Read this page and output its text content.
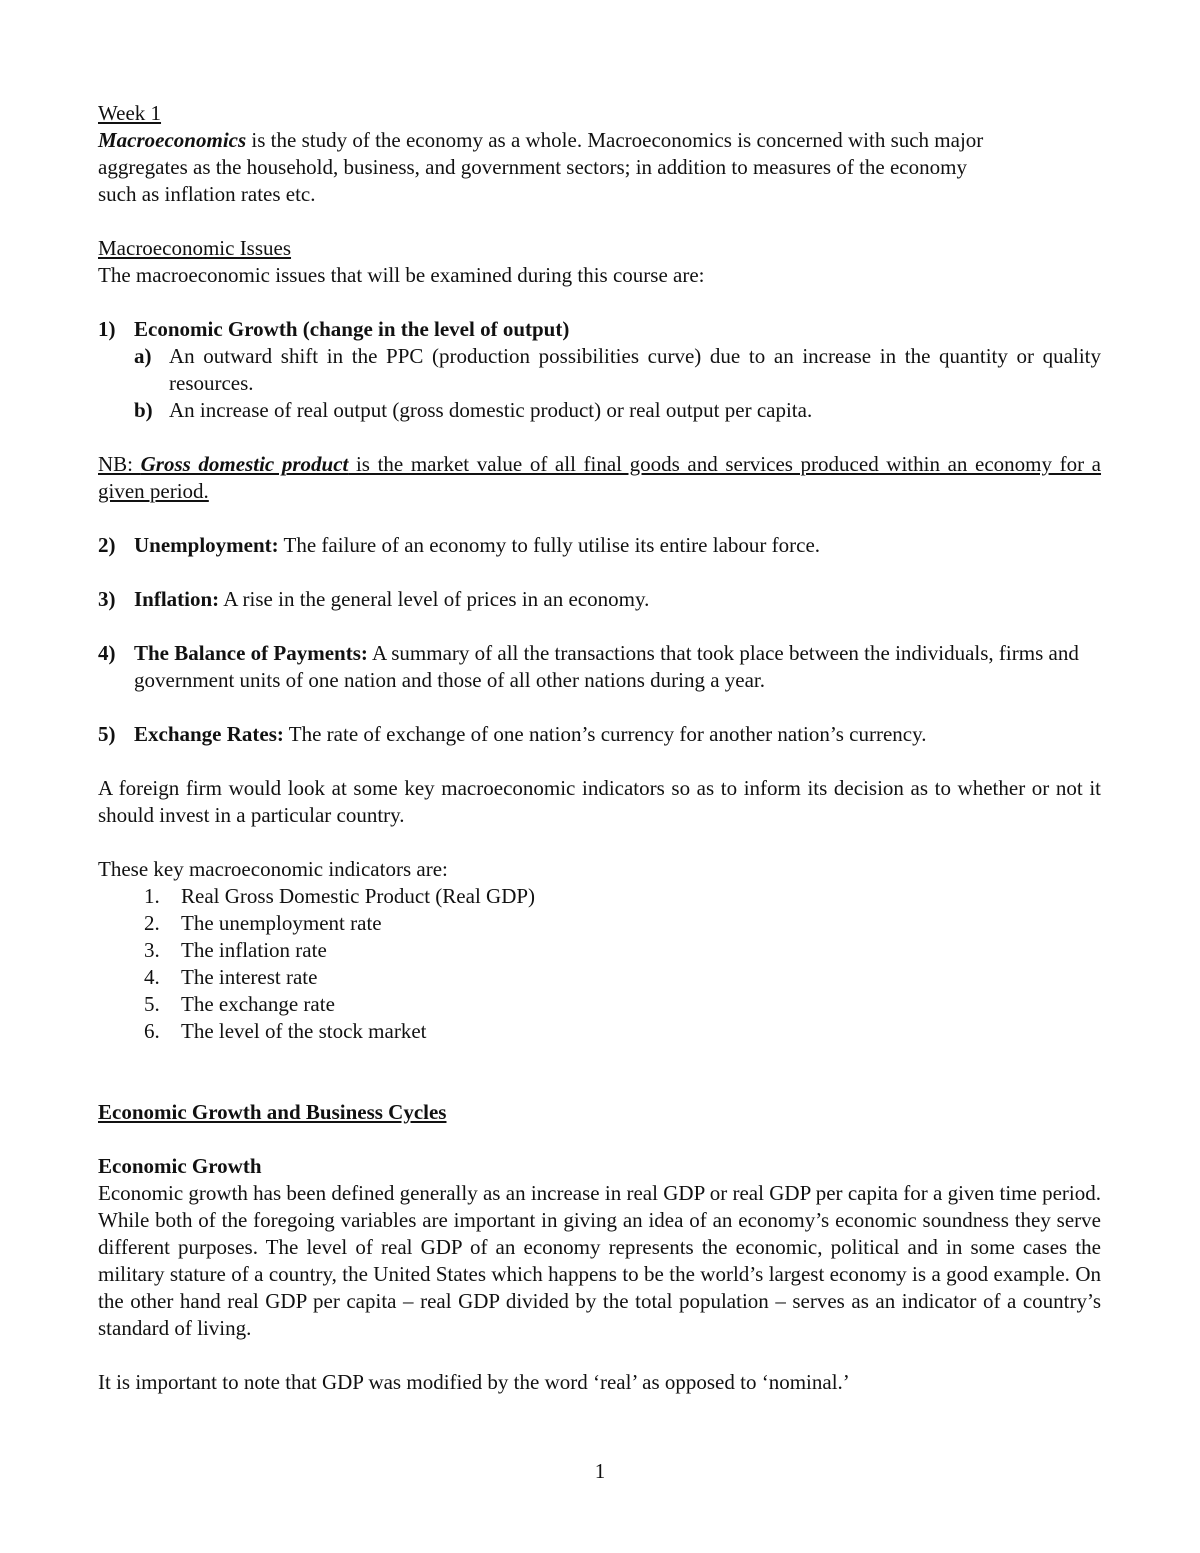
Week 1

Macroeconomics is the study of the economy as a whole. Macroeconomics is concerned with such major
aggregates as the household, business, and government sectors; in addition to measures of the economy
such as inflation rates etc.

Macroeconomic Issues

The macroeconomic issues that will be examined during this course are:

1) Economic Growth (change in the level of output)
a) An outward shift in the PPC (production possibilities curve) due to an increase in the quantity or quality resources.
b) An increase of real output (gross domestic product) or real output per capita.

NB: Gross domestic product is the market value of all final goods and services produced within an economy for a given period.

2) Unemployment: The failure of an economy to fully utilise its entire labour force.
3) Inflation: A rise in the general level of prices in an economy.
4) The Balance of Payments: A summary of all the transactions that took place between the individuals, firms and government units of one nation and those of all other nations during a year.
5) Exchange Rates: The rate of exchange of one nation’s currency for another nation’s currency.

A foreign firm would look at some key macroeconomic indicators so as to inform its decision as to whether or not it should invest in a particular country.

These key macroeconomic indicators are:

1. Real Gross Domestic Product (Real GDP)
2. The unemployment rate
3. The inflation rate
4. The interest rate
5. The exchange rate
6. The level of the stock market

Economic Growth and Business Cycles

Economic Growth

Economic growth has been defined generally as an increase in real GDP or real GDP per capita for a given time period. While both of the foregoing variables are important in giving an idea of an economy’s economic soundness they serve different purposes. The level of real GDP of an economy represents the economic, political and in some cases the military stature of a country, the United States which happens to be the world’s largest economy is a good example. On the other hand real GDP per capita – real GDP divided by the total population – serves as an indicator of a country’s standard of living.

It is important to note that GDP was modified by the word ‘real’ as opposed to ‘nominal.’

1
